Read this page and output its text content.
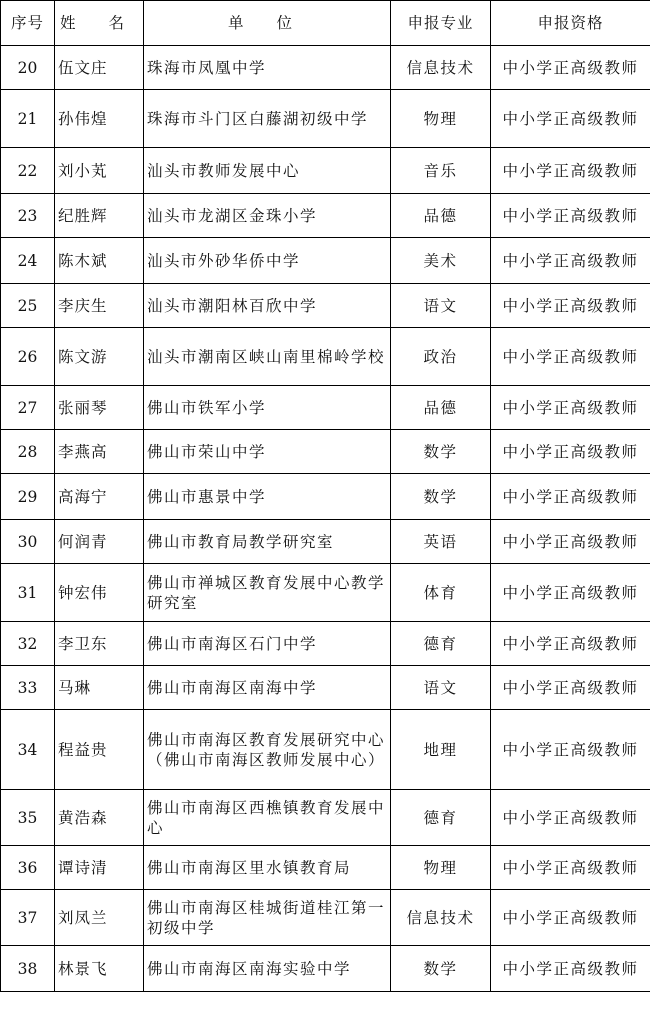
序号	姓 名	单 位	申报专业	申报资格
20	伍文庄	珠海市凤凰中学	信息技术	中小学正高级教师
21	孙伟煌	珠海市斗门区白藤湖初级中学	物理	中小学正高级教师
22	刘小芄	汕头市教师发展中心	音乐	中小学正高级教师
23	纪胜辉	汕头市龙湖区金珠小学	品德	中小学正高级教师
24	陈木斌	汕头市外砂华侨中学	美术	中小学正高级教师
25	李庆生	汕头市潮阳林百欣中学	语文	中小学正高级教师
26	陈文游	汕头市潮南区峡山南里棉岭学校	政治	中小学正高级教师
27	张丽琴	佛山市铁军小学	品德	中小学正高级教师
28	李燕高	佛山市荣山中学	数学	中小学正高级教师
29	高海宁	佛山市惠景中学	数学	中小学正高级教师
30	何润青	佛山市教育局教学研究室	英语	中小学正高级教师
31	钟宏伟	佛山市禅城区教育发展中心教学研究室	体育	中小学正高级教师
32	李卫东	佛山市南海区石门中学	德育	中小学正高级教师
33	马琳	佛山市南海区南海中学	语文	中小学正高级教师
34	程益贵	佛山市南海区教育发展研究中心（佛山市南海区教师发展中心）	地理	中小学正高级教师
35	黄浩森	佛山市南海区西樵镇教育发展中心	德育	中小学正高级教师
36	谭诗清	佛山市南海区里水镇教育局	物理	中小学正高级教师
37	刘凤兰	佛山市南海区桂城街道桂江第一初级中学	信息技术	中小学正高级教师
38	林景飞	佛山市南海区南海实验中学	数学	中小学正高级教师
